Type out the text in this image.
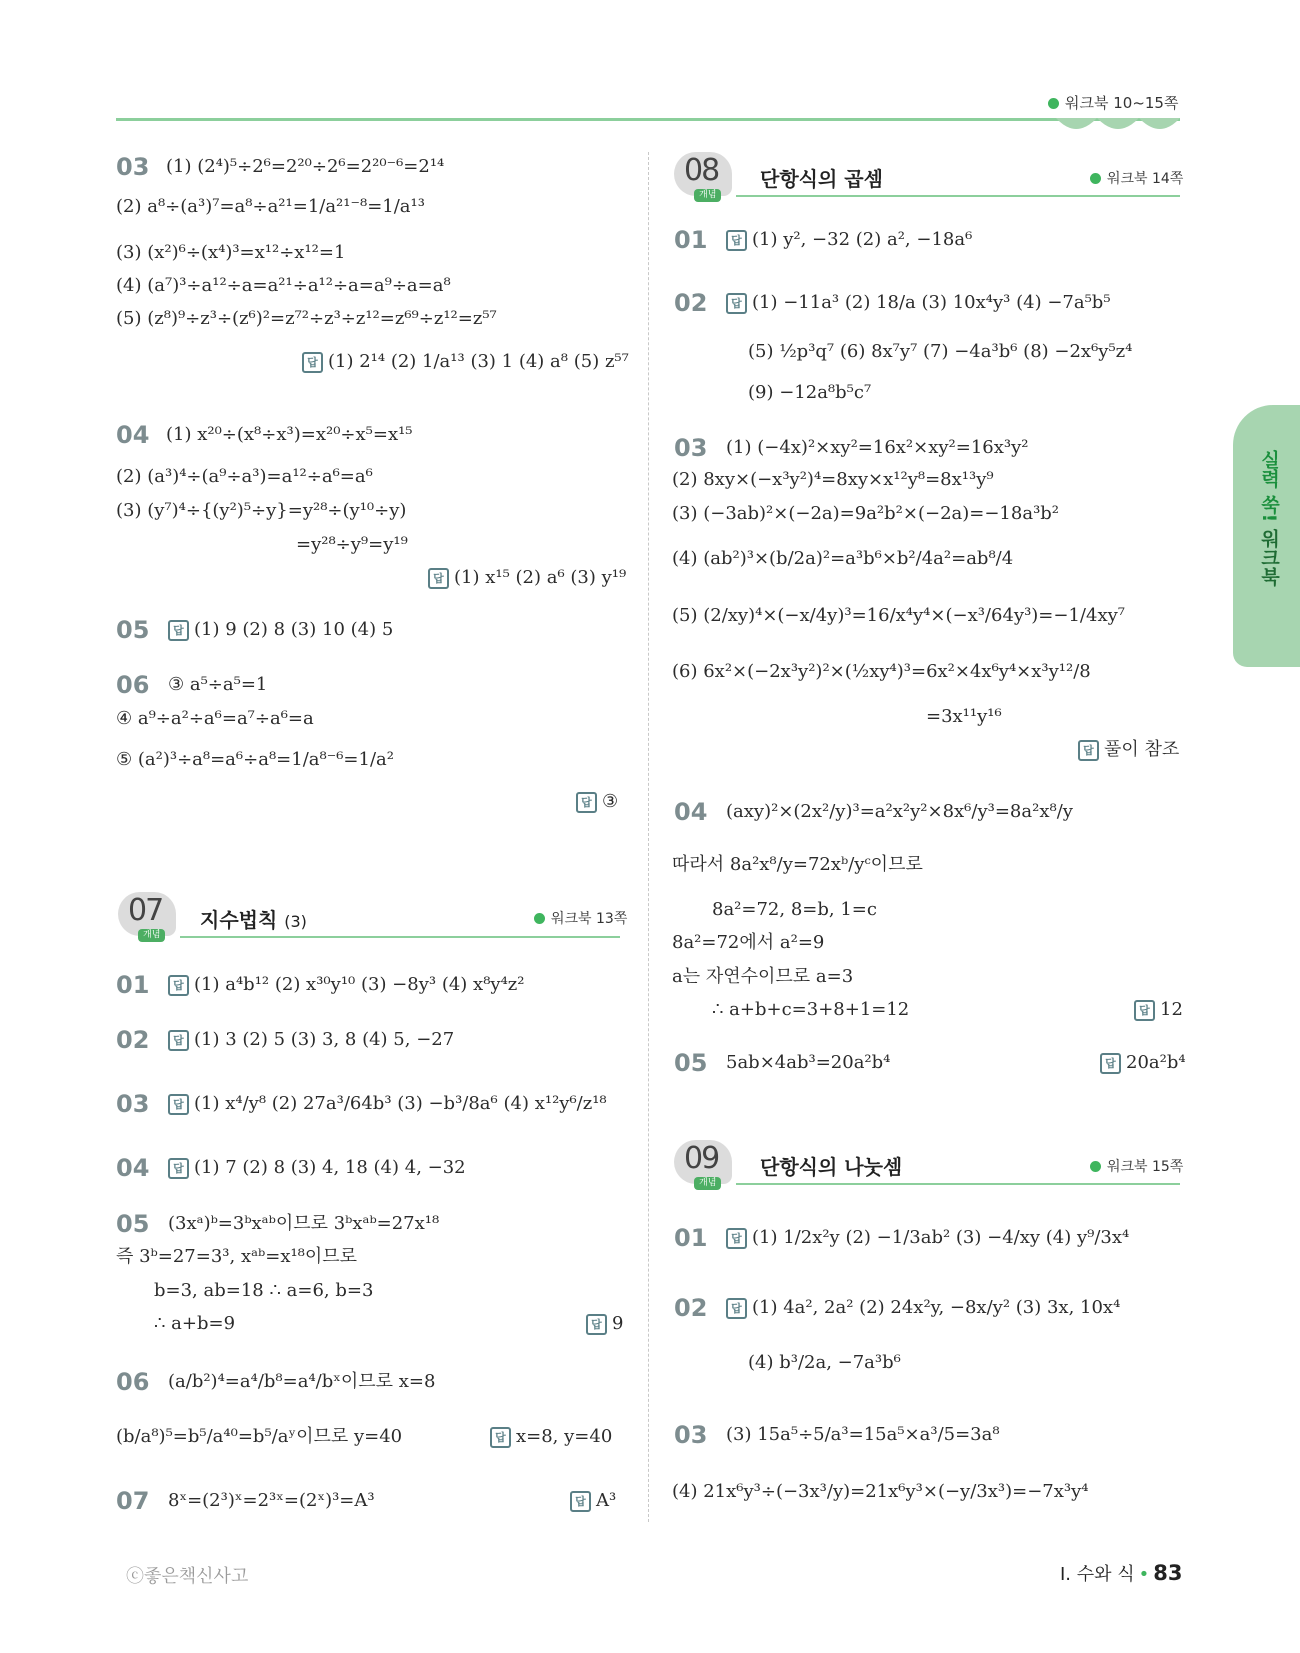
워크북 10~15쪽
실력 쑥! 워크북
03 (1) (2⁴)⁵÷2⁶=2²⁰÷2⁶=2²⁰⁻⁶=2¹⁴
(2) a⁸÷(a³)⁷=a⁸÷a²¹=1/a²¹⁻⁸=1/a¹³
(3) (x²)⁶÷(x⁴)³=x¹²÷x¹²=1
(4) (a⁷)³÷a¹²÷a=a²¹÷a¹²÷a=a⁹÷a=a⁸
(5) (z⁸)⁹÷z³÷(z⁶)²=z⁷²÷z³÷z¹²=z⁶⁹÷z¹²=z⁵⁷
답 (1) 2¹⁴ (2) 1/a¹³ (3) 1 (4) a⁸ (5) z⁵⁷
04 (1) x²⁰÷(x⁸÷x³)=x²⁰÷x⁵=x¹⁵
(2) (a³)⁴÷(a⁹÷a³)=a¹²÷a⁶=a⁶
(3) (y⁷)⁴÷{(y²)⁵÷y}=y²⁸÷(y¹⁰÷y)
=y²⁸÷y⁹=y¹⁹
답 (1) x¹⁵ (2) a⁶ (3) y¹⁹
05	답 (1) 9 (2) 8 (3) 10 (4) 5
06 ③ a⁵÷a⁵=1
④ a⁹÷a²÷a⁶=a⁷÷a⁶=a
⑤ (a²)³÷a⁸=a⁶÷a⁸=1/a⁸⁻⁶=1/a²
답 ③
07
개념
지수법칙 (3)	워크북 13쪽
01	답 (1) a⁴b¹² (2) x³⁰y¹⁰ (3) −8y³ (4) x⁸y⁴z²
02	답 (1) 3 (2) 5 (3) 3, 8 (4) 5, −27
03	답 (1) x⁴/y⁸ (2) 27a³/64b³ (3) −b³/8a⁶ (4) x¹²y⁶/z¹⁸
04	답 (1) 7 (2) 8 (3) 4, 18 (4) 4, −32
05 (3xᵃ)ᵇ=3ᵇxᵃᵇ이므로 3ᵇxᵃᵇ=27x¹⁸
즉 3ᵇ=27=3³, xᵃᵇ=x¹⁸이므로
b=3, ab=18 ∴ a=6, b=3
∴ a+b=9	답 9
06 (a/b²)⁴=a⁴/b⁸=a⁴/bˣ이므로 x=8
(b/a⁸)⁵=b⁵/a⁴⁰=b⁵/aʸ이므로 y=40	답 x=8, y=40
07 8ˣ=(2³)ˣ=2³ˣ=(2ˣ)³=A³	답 A³
08
개념
단항식의 곱셈	워크북 14쪽
01	답 (1) y², −32 (2) a², −18a⁶
02	답 (1) −11a³ (2) 18/a (3) 10x⁴y³ (4) −7a⁵b⁵
(5) ½p³q⁷ (6) 8x⁷y⁷ (7) −4a³b⁶ (8) −2x⁶y⁵z⁴
(9) −12a⁸b⁵c⁷
03 (1) (−4x)²×xy²=16x²×xy²=16x³y²
(2) 8xy×(−x³y²)⁴=8xy×x¹²y⁸=8x¹³y⁹
(3) (−3ab)²×(−2a)=9a²b²×(−2a)=−18a³b²
(4) (ab²)³×(b/2a)²=a³b⁶×b²/4a²=ab⁸/4
(5) (2/xy)⁴×(−x/4y)³=16/x⁴y⁴×(−x³/64y³)=−1/4xy⁷
(6) 6x²×(−2x³y²)²×(½xy⁴)³=6x²×4x⁶y⁴×x³y¹²/8
=3x¹¹y¹⁶
답 풀이 참조
04 (axy)²×(2x²/y)³=a²x²y²×8x⁶/y³=8a²x⁸/y
따라서 8a²x⁸/y=72xᵇ/yᶜ이므로
8a²=72, 8=b, 1=c
8a²=72에서 a²=9
a는 자연수이므로 a=3
∴ a+b+c=3+8+1=12	답 12
05 5ab×4ab³=20a²b⁴	답 20a²b⁴
09
개념
단항식의 나눗셈	워크북 15쪽
01	답 (1) 1/2x²y (2) −1/3ab² (3) −4/xy (4) y⁹/3x⁴
02	답 (1) 4a², 2a² (2) 24x²y, −8x/y² (3) 3x, 10x⁴
(4) b³/2a, −7a³b⁶
03 (3) 15a⁵÷5/a³=15a⁵×a³/5=3a⁸
(4) 21x⁶y³÷(−3x³/y)=21x⁶y³×(−y/3x³)=−7x³y⁴
ⓒ좋은책신사고	Ⅰ. 수와 식 • 83
